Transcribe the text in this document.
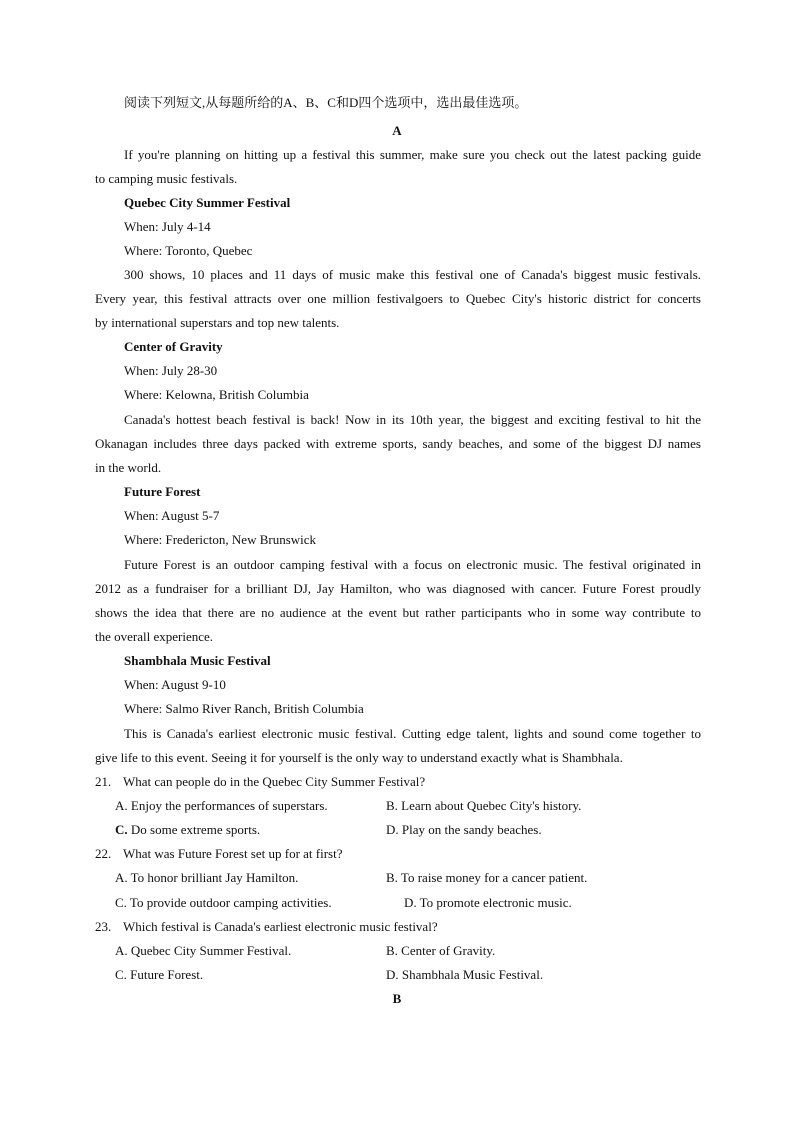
阅读下列短文,从每题所给的A、B、C和D四个选项中，选出最佳选项。
A
If you're planning on hitting up a festival this summer, make sure you check out the latest packing guide
to camping music festivals.
Quebec City Summer Festival
When: July 4-14
Where: Toronto, Quebec
300 shows, 10 places and 11 days of music make this festival one of Canada's biggest music festivals.
Every year, this festival attracts over one million festivalgoers to Quebec City's historic district for concerts
by international superstars and top new talents.
Center of Gravity
When: July 28-30
Where: Kelowna, British Columbia
Canada's hottest beach festival is back! Now in its 10th year, the biggest and exciting festival to hit the
Okanagan includes three days packed with extreme sports, sandy beaches, and some of the biggest DJ names
in the world.
Future Forest
When: August 5-7
Where: Fredericton, New Brunswick
Future Forest is an outdoor camping festival with a focus on electronic music. The festival originated in
2012 as a fundraiser for a brilliant DJ, Jay Hamilton, who was diagnosed with cancer. Future Forest proudly
shows the idea that there are no audience at the event but rather participants who in some way contribute to
the overall experience.
Shambhala Music Festival
When: August 9-10
Where: Salmo River Ranch, British Columbia
This is Canada's earliest electronic music festival. Cutting edge talent, lights and sound come together to
give life to this event. Seeing it for yourself is the only way to understand exactly what is Shambhala.
21. What can people do in the Quebec City Summer Festival?
A. Enjoy the performances of superstars.	B. Learn about Quebec City's history.
C. Do some extreme sports.	D. Play on the sandy beaches.
22. What was Future Forest set up for at first?
A. To honor brilliant Jay Hamilton.	B. To raise money for a cancer patient.
C. To provide outdoor camping activities.	D. To promote electronic music.
23. Which festival is Canada's earliest electronic music festival?
A. Quebec City Summer Festival.	B. Center of Gravity.
C. Future Forest.	D. Shambhala Music Festival.
B
